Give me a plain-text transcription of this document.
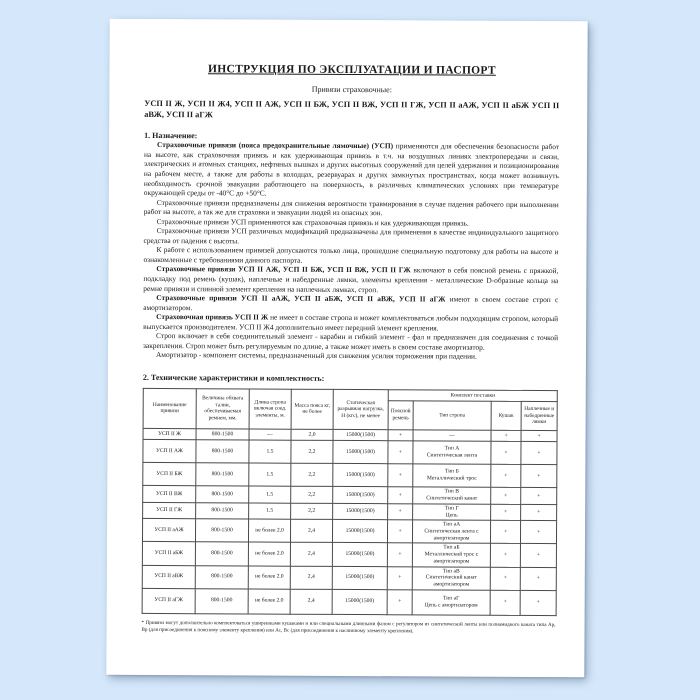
ИНСТРУКЦИЯ ПО ЭКСПЛУАТАЦИИ И ПАСПОРТ
Привязи страховочные:
УСП II Ж, УСП II Ж4, УСП II АЖ, УСП II БЖ, УСП II ВЖ, УСП II ГЖ, УСП II аАЖ, УСП II аБЖ УСП II аВЖ, УСП II аГЖ
1. Назначение:

Страховочные привязи (пояса предохранительные лямочные) (УСП) применяются для обеспечения безопасности работ на высоте, как страховочная привязь и как удерживающая привязь в т.ч. на воздушных линиях электропередачи и связи, электрических и атомных станциях, нефтяных вышках и других высотных сооружений для целей удержания и позиционирования на рабочем месте, а также для работы в колодцах, резервуарах и других замкнутых пространствах, когда может возникнуть необходимость срочной эвакуации работающего на поверхность, в различных климатических условиях при температуре окружающей среды от -40°С до +50°С.

Страховочные привязи предназначены для снижения вероятности травмирования в случае падения рабочего при выполнении работ на высоте, а так же для страховки и эвакуации людей из опасных зон.

Страховочные привязи УСП применяются как страховочная привязь и как удерживающая привязь.

Страховочные привязи УСП различных модификаций предназначены для применения в качестве индивидуального защитного средства от падения с высоты.

К работе с использованием привязей допускаются только лица, прошедшие специальную подготовку для работы на высоте и ознакомленные с требованиями данного паспорта.

Страховочные привязи УСП II АЖ, УСП II БЖ, УСП II ВЖ, УСП II ГЖ включают в себя поясной ремень с пряжкой, подкладку под ремень (кушак), наплечные и набедренные лямки, элементы крепления - металлические D-образные кольца на ремне привязи и спинной элемент крепления на наплечных лямках, строп.

Страховочные привязи УСП II аАЖ, УСП II аБЖ, УСП II аВЖ, УСП II аГЖ имеют в своем составе строп с амортизатором.

Страховочная привязь УСП II Ж не имеет в составе стропа и может комплектоваться любым подходящим стропом, который выпускается производителем. УСП II Ж4 дополнительно имеет передний элемент крепления.

Строп включает в себя соединительный элемент - карабин и гибкий элемент - фал и предназначен для соединения с точкой закрепления. Строп может быть регулируемым по длине, а также может иметь в своем составе амортизатор.

Амортизатор - компонент системы, предназначенный для снижения усилия торможения при падении.

2. Технические характеристики и комплектность:
Наименование привязи	Величина обхвата талии, обеспечиваемая ремнем, мм.	Длина стропа включая соед. элементы, м.	Масса пояса кг, не более	Статическая разрывная нагрузка, Н (кгс), не менее	Комплект поставки			
					Поясной ремень	Тип стропа	Кушак	Наплечные и набедренные лямки
УСП II Ж	800-1500	—	2,0	15000(1500)	+	—	+	+
УСП II АЖ	800-1500	1.5	2,2	15000(1500)	+	Тип А
Синтетическая лента	+	+
УСП II БЖ	800-1500	1.5	2,2	15000(1500)	+	Тип Б
Металлический трос	+	+
УСП II ВЖ	800-1500	1.5	2,2	15000(1500)	+	Тип В
Синтетический канат	+	+
УСП II ГЖ	800-1500	1.5	2,2	15000(1500)	+	Тип Г
Цепь	+	+
УСП II аАЖ	800-1500	не более 2.0	2,4	15000(1500)	+	Тип аА
Синтетическая лента с
амортизатором	+	+
УСП II аБЖ	800-1500	не более 2.0	2,4	15000(1500)	+	Тип аБ
Металлический трос с
амортизатором	+	+
УСП II аВЖ	800-1500	не более 2.0	2,4	15000(1500)	+	Тип аВ
Синтетический канат
амортизатором	+	+
УСП II аГЖ	800-1500	не более 2.0	2,4	15000(1500)	+	Тип аГ
Цепь с амортизатором	+	+
* Привязи могут дополнительно комплектоваться уширенными кушаками и или специальными длинными фалом с регулятором из синтетической ленты или полиамидного каната типа Ар, Вр (для присоединения к поясному элементу крепления) или Ас, Вс (для присоединения к наспинному элементу крепления).
